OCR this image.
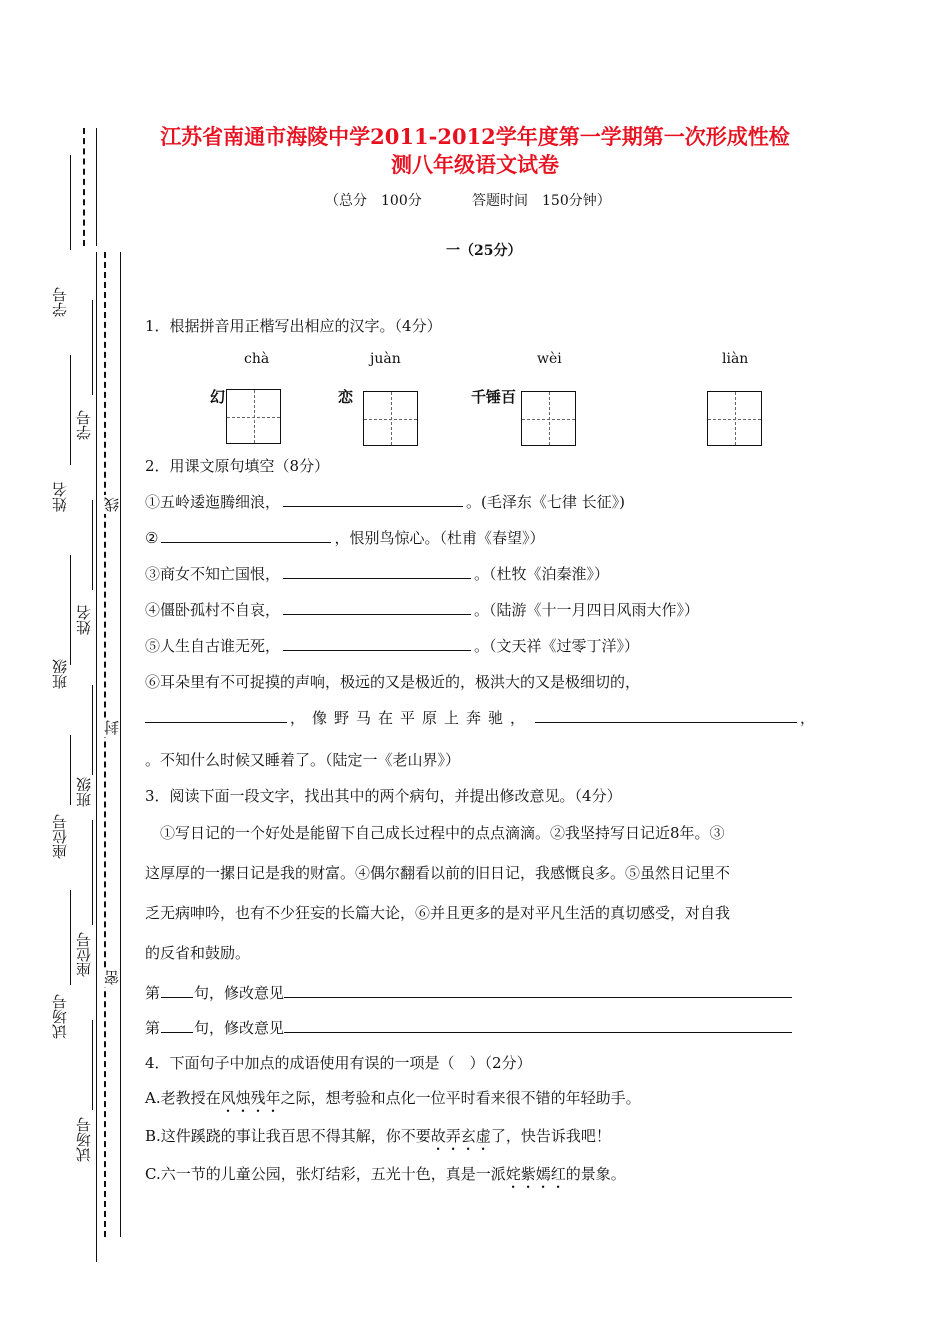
学号
学号
姓名
姓名
班级
班级
座位号
座位号
试场号
试场号
线
封
密
江苏省南通市海陵中学2011-2012学年度第一学期第一次形成性检
测八年级语文试卷
（总分　100分	答题时间　150分钟）
一（25分）
1．根据拼音用正楷写出相应的汉字。（4分）
chà	juàn	wèi	liàn
幻	恋	千锤百
2．用课文原句填空（8分）
①五岭逶迤腾细浪，	。(毛泽东《七律 长征》)
②	，恨别鸟惊心。（杜甫《春望》）
③商女不知亡国恨，	。（杜牧《泊秦淮》）
④僵卧孤村不自哀，	。（陆游《十一月四日风雨大作》）
⑤人生自古谁无死，	。（文天祥《过零丁洋》）
⑥耳朵里有不可捉摸的声响，极远的又是极近的，极洪大的又是极细切的，
，像野马在平原上奔驰，	，
。不知什么时候又睡着了。（陆定一《老山界》）
3．阅读下面一段文字，找出其中的两个病句，并提出修改意见。（4分）
①写日记的一个好处是能留下自己成长过程中的点点滴滴。②我坚持写日记近8年。③
这厚厚的一摞日记是我的财富。④偶尔翻看以前的旧日记，我感慨良多。⑤虽然日记里不
乏无病呻吟，也有不少狂妄的长篇大论，⑥并且更多的是对平凡生活的真切感受，对自我
的反省和鼓励。
第 句，修改意见
第 句，修改意见
4．下面句子中加点的成语使用有误的一项是（　）（2分）
A.老教授在风烛残年之际，想考验和点化一位平时看来很不错的年轻助手。
B.这件蹊跷的事让我百思不得其解，你不要故弄玄虚了，快告诉我吧！
C.六一节的儿童公园，张灯结彩，五光十色，真是一派姹紫嫣红的景象。
